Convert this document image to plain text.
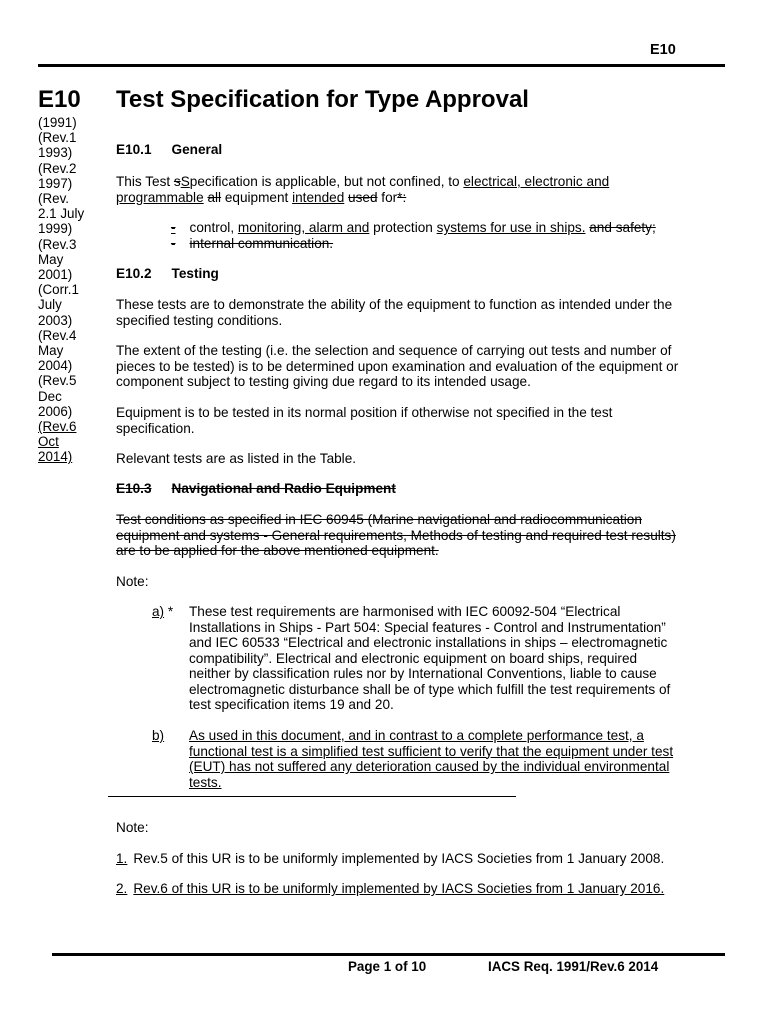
E10
E10
(1991)
(Rev.1
1993)
(Rev.2
1997)
(Rev.
2.1 July
1999)
(Rev.3
May
2001)
(Corr.1
July
2003)
(Rev.4
May
2004)
(Rev.5
Dec
2006)
(Rev.6
Oct
2014)
Test Specification for Type Approval
E10.1 General
This Test sSpecification is applicable, but not confined, to electrical, electronic and
programmable all equipment intended used for*:
- control, monitoring, alarm and protection systems for use in ships. and safety;
- internal communication.
E10.2 Testing
These tests are to demonstrate the ability of the equipment to function as intended under the
specified testing conditions.
The extent of the testing (i.e. the selection and sequence of carrying out tests and number of
pieces to be tested) is to be determined upon examination and evaluation of the equipment or
component subject to testing giving due regard to its intended usage.
Equipment is to be tested in its normal position if otherwise not specified in the test
specification.
Relevant tests are as listed in the Table.
E10.3 Navigational and Radio Equipment
Test conditions as specified in IEC 60945 (Marine navigational and radiocommunication
equipment and systems - General requirements, Methods of testing and required test results)
are to be applied for the above mentioned equipment.
Note:
a) * These test requirements are harmonised with IEC 60092-504 “Electrical
Installations in Ships - Part 504: Special features - Control and Instrumentation”
and IEC 60533 “Electrical and electronic installations in ships – electromagnetic
compatibility”. Electrical and electronic equipment on board ships, required
neither by classification rules nor by International Conventions, liable to cause
electromagnetic disturbance shall be of type which fulfill the test requirements of
test specification items 19 and 20.
b) As used in this document, and in contrast to a complete performance test, a
functional test is a simplified test sufficient to verify that the equipment under test
(EUT) has not suffered any deterioration caused by the individual environmental
tests.
Note:
1. Rev.5 of this UR is to be uniformly implemented by IACS Societies from 1 January 2008.
2. Rev.6 of this UR is to be uniformly implemented by IACS Societies from 1 January 2016.
Page 1 of 10	IACS Req. 1991/Rev.6 2014
